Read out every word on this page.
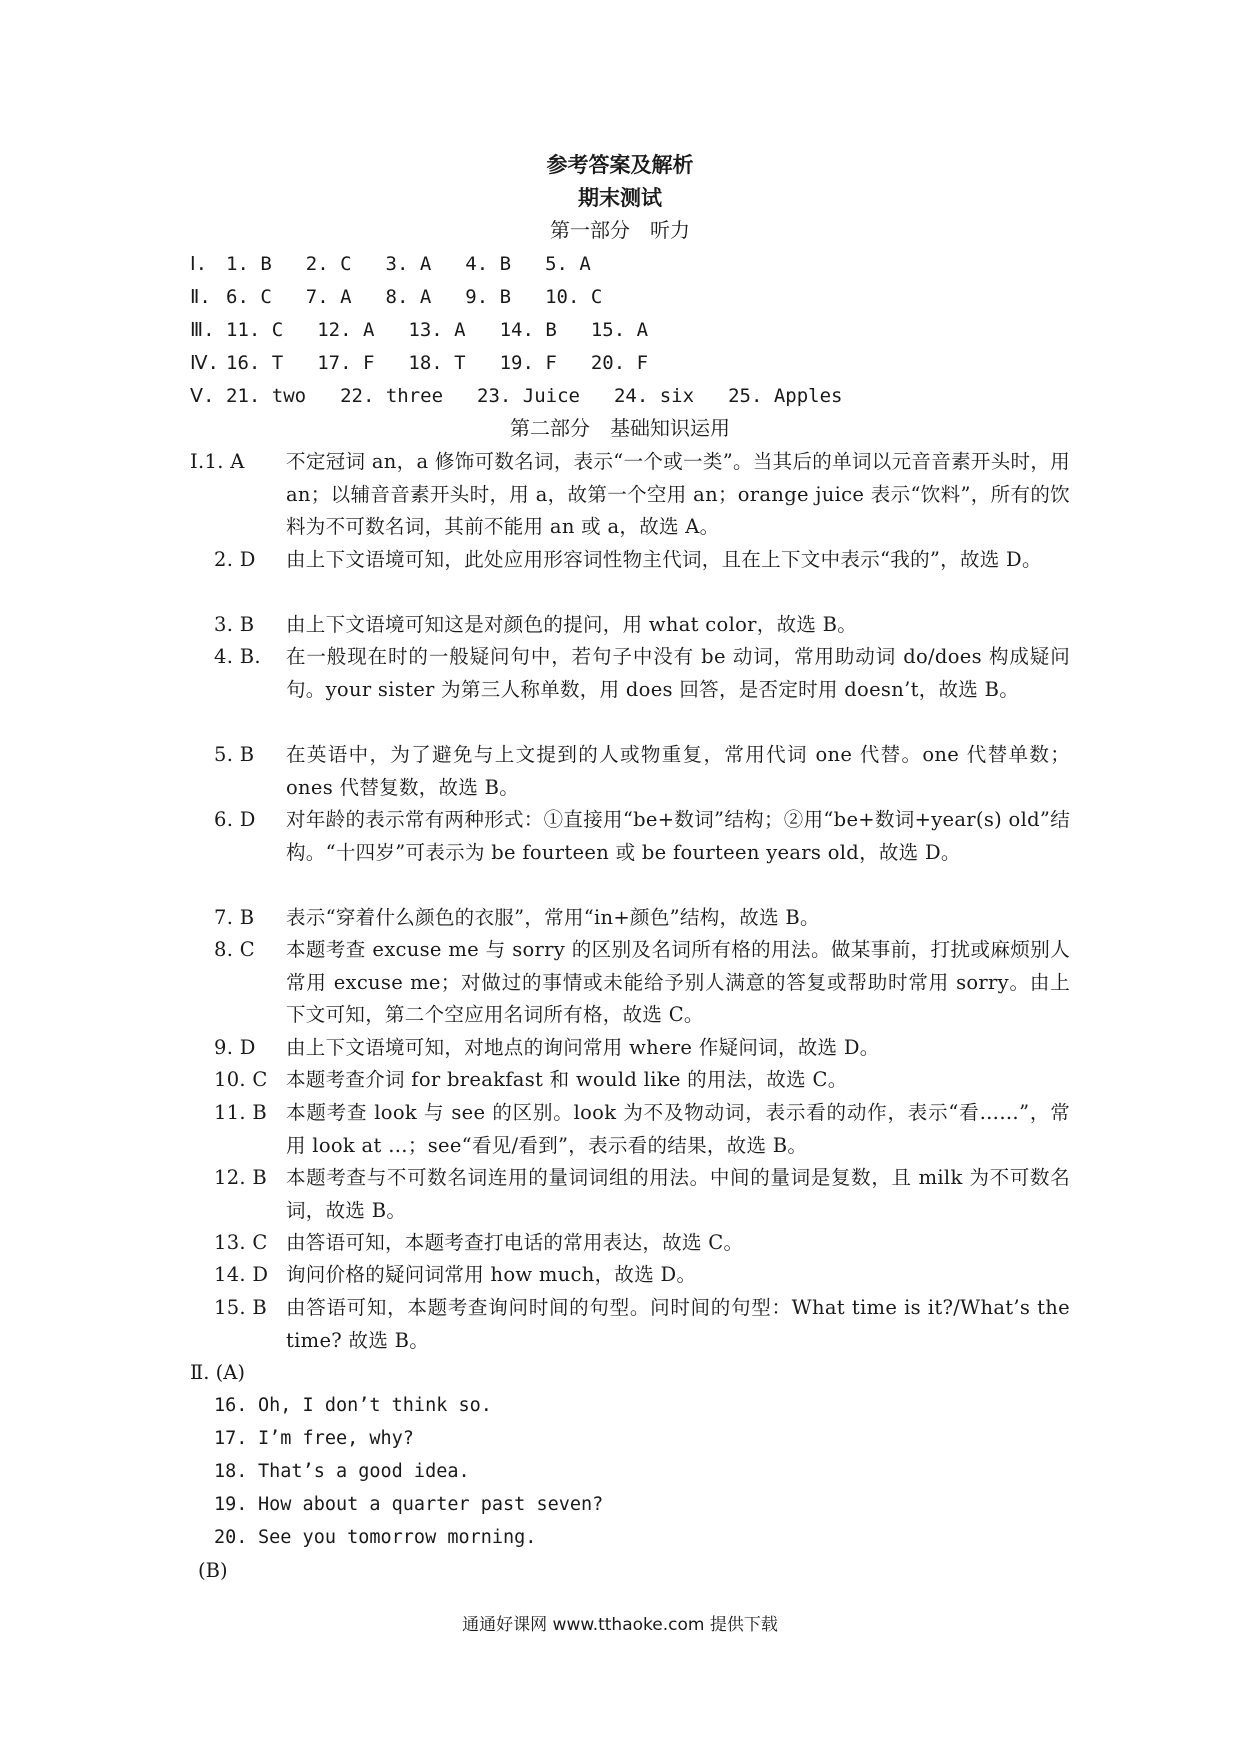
参考答案及解析
期末测试
第一部分　听力
Ⅰ. 1. B 2. C 3. A 4. B 5. A
Ⅱ. 6. C 7. A 8. A 9. B 10. C
Ⅲ. 11. C 12. A 13. A 14. B 15. A
Ⅳ. 16. T 17. F 18. T 19. F 20. F
Ⅴ. 21. two 22. three 23. Juice 24. six 25. Apples
第二部分　基础知识运用
Ⅰ.1. A 不定冠词 an，a 修饰可数名词，表示“一个或一类”。当其后的单词以元音音素开头时，用 an；以辅音音素开头时，用 a，故第一个空用 an；orange juice 表示“饮料”，所有的饮料为不可数名词，其前不能用 an 或 a，故选 A。
2. D 由上下文语境可知，此处应用形容词性物主代词，且在上下文中表示“我的”，故选 D。
3. B 由上下文语境可知这是对颜色的提问，用 what color，故选 B。
4. B. 在一般现在时的一般疑问句中，若句子中没有 be 动词，常用助动词 do/does 构成疑问句。your sister 为第三人称单数，用 does 回答，是否定时用 doesn’t，故选 B。
5. B 在英语中，为了避免与上文提到的人或物重复，常用代词 one 代替。one 代替单数；ones 代替复数，故选 B。
6. D 对年龄的表示常有两种形式：①直接用“be+数词”结构；②用“be+数词+year(s) old”结构。“十四岁”可表示为 be fourteen 或 be fourteen years old，故选 D。
7. B 表示“穿着什么颜色的衣服”，常用“in+颜色”结构，故选 B。
8. C 本题考查 excuse me 与 sorry 的区别及名词所有格的用法。做某事前，打扰或麻烦别人常用 excuse me；对做过的事情或未能给予别人满意的答复或帮助时常用 sorry。由上下文可知，第二个空应用名词所有格，故选 C。
9. D 由上下文语境可知，对地点的询问常用 where 作疑问词，故选 D。
10. C 本题考查介词 for breakfast 和 would like 的用法，故选 C。
11. B 本题考查 look 与 see 的区别。look 为不及物动词，表示看的动作，表示“看……”，常用 look at …；see“看见/看到”，表示看的结果，故选 B。
12. B 本题考查与不可数名词连用的量词词组的用法。中间的量词是复数，且 milk 为不可数名词，故选 B。
13. C 由答语可知，本题考查打电话的常用表达，故选 C。
14. D 询问价格的疑问词常用 how much，故选 D。
15. B 由答语可知，本题考查询问时间的句型。问时间的句型：What time is it?/What’s the time? 故选 B。
Ⅱ. (A)
16. Oh, I don’t think so.
17. I’m free, why?
18. That’s a good idea.
19. How about a quarter past seven?
20. See you tomorrow morning.
(B)
通通好课网 www.tthaoke.com 提供下载
